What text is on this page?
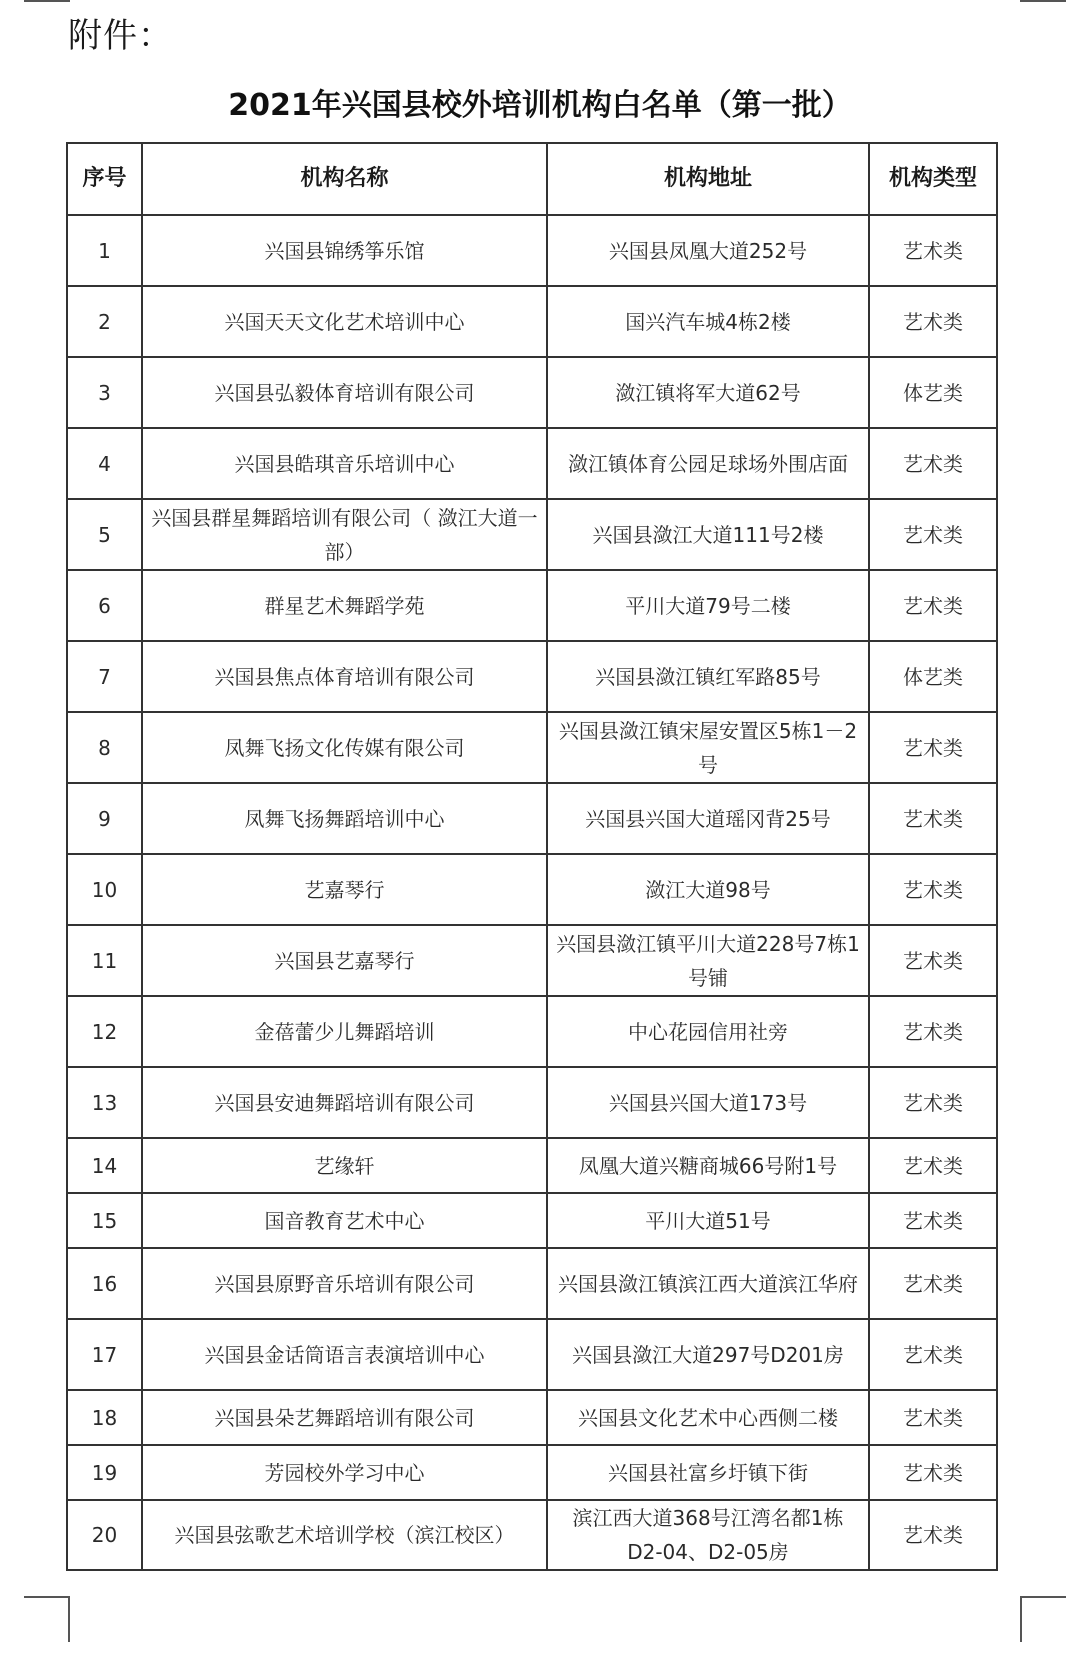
附件：
2021年兴国县校外培训机构白名单（第一批）
序号	机构名称	机构地址	机构类型
1	兴国县锦绣筝乐馆	兴国县凤凰大道252号	艺术类
2	兴国天天文化艺术培训中心	国兴汽车城4栋2楼	艺术类
3	兴国县弘毅体育培训有限公司	潋江镇将军大道62号	体艺类
4	兴国县皓琪音乐培训中心	潋江镇体育公园足球场外围店面	艺术类
5	兴国县群星舞蹈培训有限公司（ 潋江大道一部）	兴国县潋江大道111号2楼	艺术类
6	群星艺术舞蹈学苑	平川大道79号二楼	艺术类
7	兴国县焦点体育培训有限公司	兴国县潋江镇红军路85号	体艺类
8	凤舞飞扬文化传媒有限公司	兴国县潋江镇宋屋安置区5栋1－2号	艺术类
9	凤舞飞扬舞蹈培训中心	兴国县兴国大道瑶冈背25号	艺术类
10	艺嘉琴行	潋江大道98号	艺术类
11	兴国县艺嘉琴行	兴国县潋江镇平川大道228号7栋1号铺	艺术类
12	金蓓蕾少儿舞蹈培训	中心花园信用社旁	艺术类
13	兴国县安迪舞蹈培训有限公司	兴国县兴国大道173号	艺术类
14	艺缘轩	凤凰大道兴糖商城66号附1号	艺术类
15	国音教育艺术中心	平川大道51号	艺术类
16	兴国县原野音乐培训有限公司	兴国县潋江镇滨江西大道滨江华府	艺术类
17	兴国县金话筒语言表演培训中心	兴国县潋江大道297号D201房	艺术类
18	兴国县朵艺舞蹈培训有限公司	兴国县文化艺术中心西侧二楼	艺术类
19	芳园校外学习中心	兴国县社富乡圩镇下街	艺术类
20	兴国县弦歌艺术培训学校（滨江校区）	滨江西大道368号江湾名都1栋D2-04、D2-05房	艺术类
